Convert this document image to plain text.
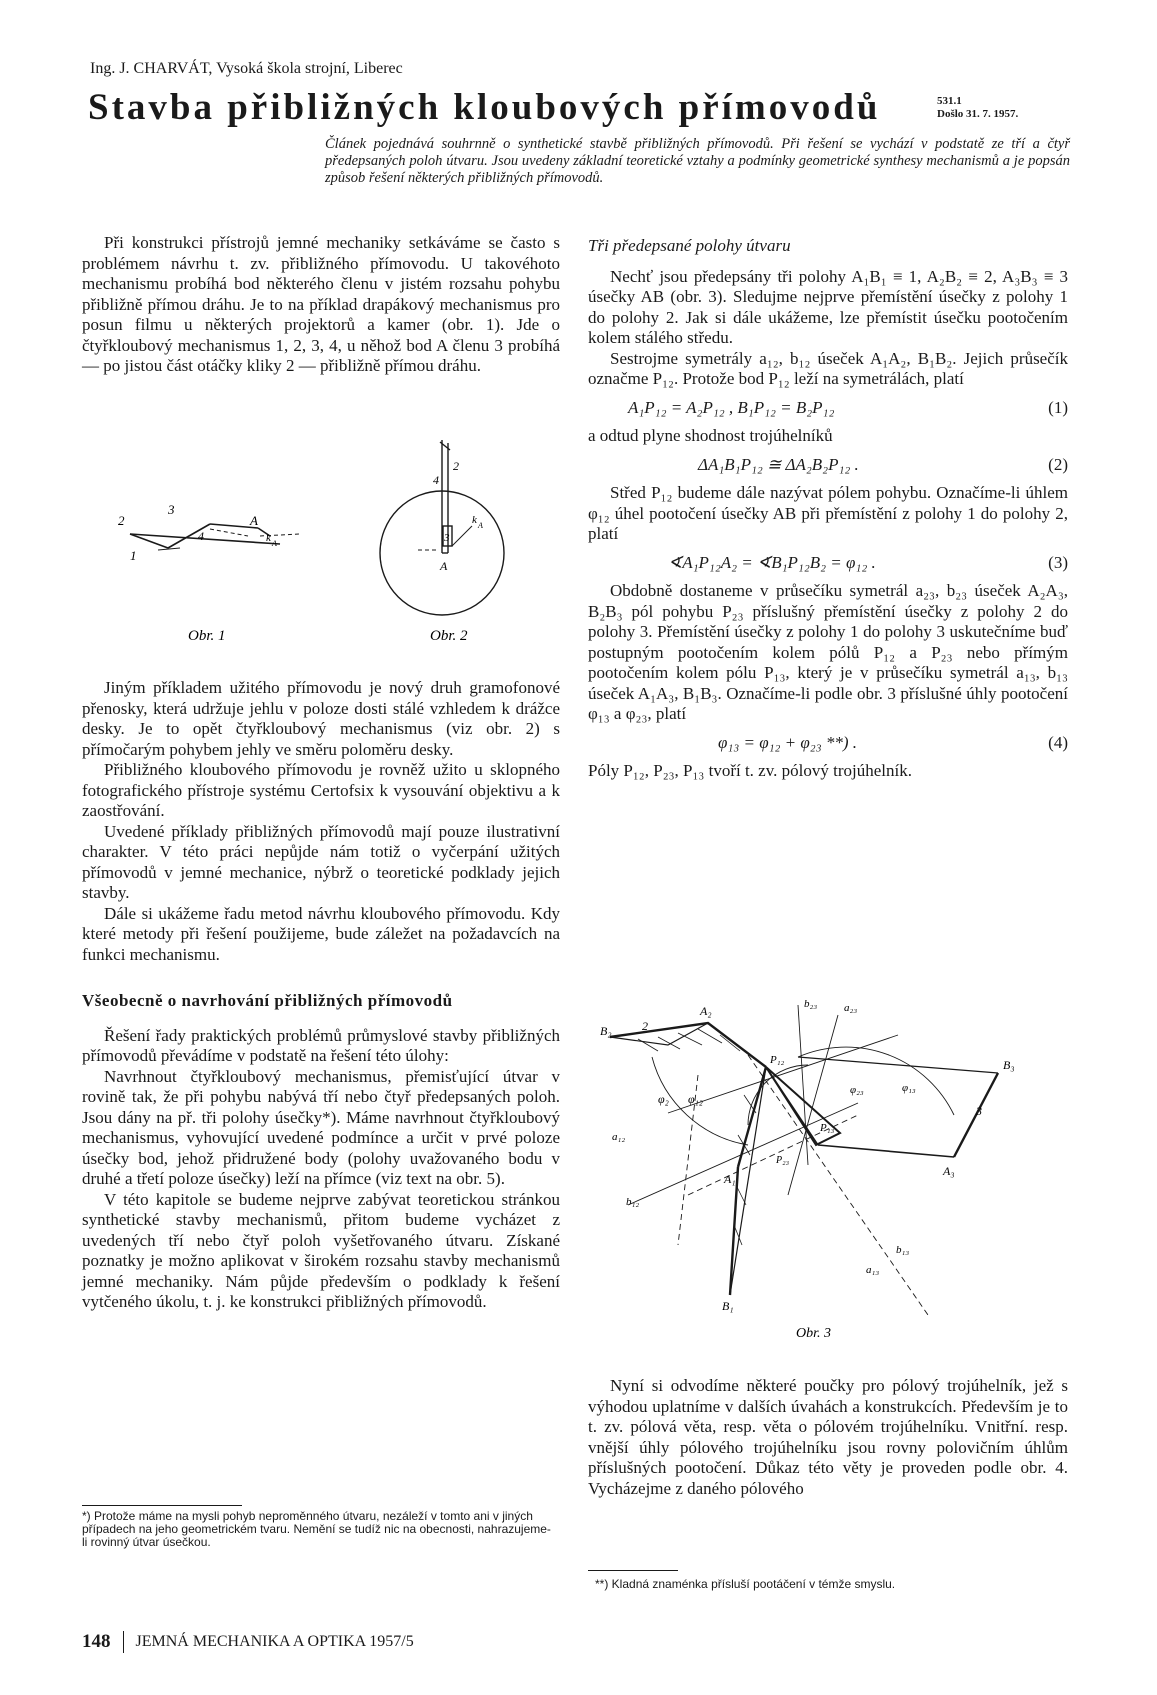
Ing. J. CHARVÁT, Vysoká škola strojní, Liberec
Stavba přibližných kloubových přímovodů	531.1
Došlo 31. 7. 1957.
Článek pojednává souhrnně o synthetické stavbě přibližných přímovodů. Při řešení se vychází v podstatě ze tří a čtyř předepsaných poloh útvaru. Jsou uvedeny základní teoretické vztahy a podmínky geometrické synthesy mechanismů a je popsán způsob řešení některých přibližných přímovodů.

Při konstrukci přístrojů jemné mechaniky setkáváme se často s problémem návrhu t. zv. přibližného přímovodu. U takovéhoto mechanismu probíhá bod některého členu v jistém rozsahu pohybu přibližně přímou dráhu. Je to na příklad drapákový mechanismus pro posun filmu u některých projektorů a kamer (obr. 1). Jde o čtyřkloubový mechanismus 1, 2, 3, 4, u něhož bod A členu 3 probíhá — po jistou část otáčky kliky 2 — přibližně přímou dráhu.

2
1
3
4
A
k A
2
4
3
A
k A
Obr. 1	Obr. 2

Jiným příkladem užitého přímovodu je nový druh gramofonové přenosky, která udržuje jehlu v poloze dosti stálé vzhledem k drážce desky. Je to opět čtyřkloubový mechanismus (viz obr. 2) s přímočarým pohybem jehly ve směru poloměru desky.

Přibližného kloubového přímovodu je rovněž užito u sklopného fotografického přístroje systému Certofsix k vysouvání objektivu a k zaostřování.

Uvedené příklady přibližných přímovodů mají pouze ilustrativní charakter. V této práci nepůjde nám totiž o vyčerpání užitých přímovodů v jemné mechanice, nýbrž o teoretické podklady jejich stavby.

Dále si ukážeme řadu metod návrhu kloubového přímovodu. Kdy které metody při řešení použijeme, bude záležet na požadavcích na funkci mechanismu.

Všeobecně o navrhování přibližných přímovodů

Řešení řady praktických problémů průmyslové stavby přibližných přímovodů převádíme v podstatě na řešení této úlohy:

Navrhnout čtyřkloubový mechanismus, přemisťující útvar v rovině tak, že při pohybu nabývá tří nebo čtyř předepsaných poloh. Jsou dány na př. tři polohy úsečky*). Máme navrhnout čtyřkloubový mechanismus, vyhovující uvedené podmínce a určit v prvé poloze úsečky bod, jehož přidružené body (polohy uvažovaného bodu v druhé a třetí poloze úsečky) leží na přímce (viz text na obr. 5).

V této kapitole se budeme nejprve zabývat teoretickou stránkou synthetické stavby mechanismů, přitom budeme vycházet z uvedených tří nebo čtyř poloh vyšetřovaného útvaru. Získané poznatky je možno aplikovat v širokém rozsahu stavby mechanismů jemné mechaniky. Nám půjde především o podklady k řešení vytčeného úkolu, t. j. ke konstrukci přibližných přímovodů.

*) Protože máme na mysli pohyb neproměnného útvaru, nezáleží v tomto ani v jiných případech na jeho geometrickém tvaru. Nemění se tudíž nic na obecnosti, nahrazujeme-li rovinný útvar úsečkou.
Tři předepsané polohy útvaru

Nechť jsou předepsány tři polohy A₁B₁ ≡ 1, A₂B₂ ≡ 2, A₃B₃ ≡ 3 úsečky AB (obr. 3). Sledujme nejprve přemístění úsečky z polohy 1 do polohy 2. Jak si dále ukážeme, lze přemístit úsečku pootočením kolem stálého středu.

Sestrojme symetrály a₁₂, b₁₂ úseček A₁A₂, B₁B₂. Jejich průsečík označme P₁₂. Protože bod P₁₂ leží na symetrálách, platí

A₁P₁₂ = A₂P₁₂ , B₁P₁₂ = B₂P₁₂	(1)

a odtud plyne shodnost trojúhelníků

ΔA₁B₁P₁₂ ≅ ΔA₂B₂P₁₂ .	(2)

Střed P₁₂ budeme dále nazývat pólem pohybu. Označíme-li úhlem φ₁₂ úhel pootočení úsečky AB při přemístění z polohy 1 do polohy 2, platí

∢A₁P₁₂A₂ = ∢B₁P₁₂B₂ = φ₁₂ .	(3)

Obdobně dostaneme v průsečíku symetrál a₂₃, b₂₃ úseček A₂A₃, B₂B₃ pól pohybu P₂₃ příslušný přemístění úsečky z polohy 2 do polohy 3. Přemístění úsečky z polohy 1 do polohy 3 uskutečníme buď postupným pootočením kolem pólů P₁₂ a P₂₃ nebo přímým pootočením kolem pólu P₁₃, který je v průsečíku symetrál a₁₃, b₁₃ úseček A₁A₃, B₁B₃. Označíme-li podle obr. 3 příslušné úhly pootočení φ₁₃ a φ₂₃, platí

φ₁₃ = φ₁₂ + φ₂₃ **) .	(4)

Póly P₁₂, P₂₃, P₁₃ tvoří t. zv. pólový trojúhelník.

A₂
B₂	2
P₁₂	B₃
φ₂ φ₁₂
φ₂₃	φ₁₃
P₁₃
3
A₃
a₁₂
P₂₃
b₁₂
A₁
b₁₃
a₁₃
B₁
b₂₃ a₂₃
Obr. 3

Nyní si odvodíme některé poučky pro pólový trojúhelník, jež s výhodou uplatníme v dalších úvahách a konstrukcích. Především je to t. zv. pólová věta, resp. věta o pólovém trojúhelníku. Vnitřní. resp. vnější úhly pólového trojúhelníku jsou rovny polovičním úhlům příslušných pootočení. Důkaz této věty je proveden podle obr. 4. Vycházejme z daného pólového

**) Kladná znaménka přísluší pootáčení v témže smyslu.
148 JEMNÁ MECHANIKA A OPTIKA 1957/5
